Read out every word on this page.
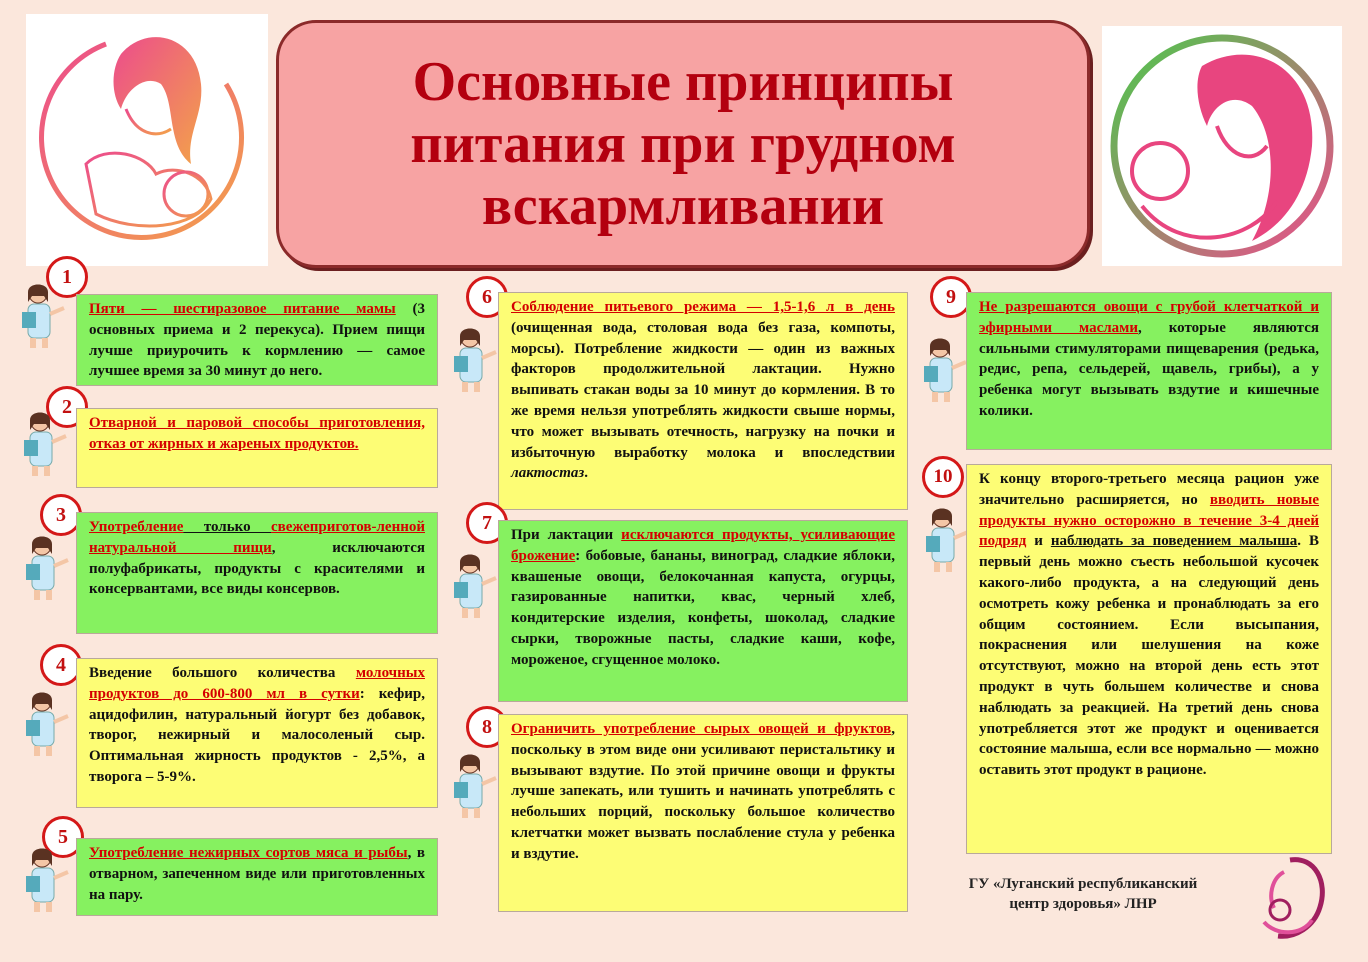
Основные принципы
питания при грудном
вскармливании
1
Пяти — шестиразовое питание мамы (3 основных приема и 2 перекуса). Прием пищи лучше приурочить к кормлению — самое лучшее время за 30 минут до него.
2
Отварной и паровой способы приготовления, отказ от жирных и жареных продуктов.
3
Употребление только свежеприготов-ленной натуральной пищи, исключаются полуфабрикаты, продукты с красителями и консервантами, все виды консервов.
4	Введение большого количества молочных продуктов до 600-800 мл в сутки: кефир, ацидофилин, натуральный йогурт без добавок, творог, нежирный и малосоленый сыр. Оптимальная жирность продуктов - 2,5%, а творога – 5-9%.
5
Употребление нежирных сортов мяса и рыбы, в отварном, запеченном виде или приготовленных на пару.
6	Соблюдение питьевого режима — 1,5-1,6 л в день (очищенная вода, столовая вода без газа, компоты, морсы). Потребление жидкости — один из важных факторов продолжительной лактации. Нужно выпивать стакан воды за 10 минут до кормления. В то же время нельзя употреблять жидкости свыше нормы, что может вызывать отечность, нагрузку на почки и избыточную выработку молока и впоследствии лактостаз.
7
При лактации исключаются продукты, усиливающие брожение: бобовые, бананы, виноград, сладкие яблоки, квашеные овощи, белокочанная капуста, огурцы, газированные напитки, квас, черный хлеб, кондитерские изделия, конфеты, шоколад, сладкие сырки, творожные пасты, сладкие каши, кофе, мороженое, сгущенное молоко.
8	Ограничить употребление сырых овощей и фруктов, поскольку в этом виде они усиливают перистальтику и вызывают вздутие. По этой причине овощи и фрукты лучше запекать, или тушить и начинать употреблять с небольших порций, поскольку большое количество клетчатки может вызвать послабление стула у ребенка и вздутие.
9	Не разрешаются овощи с грубой клетчаткой и эфирными маслами, которые являются сильными стимуляторами пищеварения (редька, редис, репа, сельдерей, щавель, грибы), а у ребенка могут вызывать вздутие и кишечные колики.
10	К концу второго-третьего месяца рацион уже значительно расширяется, но вводить новые продукты нужно осторожно в течение 3-4 дней подряд и наблюдать за поведением малыша. В первый день можно съесть небольшой кусочек какого-либо продукта, а на следующий день осмотреть кожу ребенка и пронаблюдать за его общим состоянием. Если высыпания, покраснения или шелушения на коже отсутствуют, можно на второй день есть этот продукт в чуть большем количестве и снова наблюдать за реакцией. На третий день снова употребляется этот же продукт и оценивается состояние малыша, если все нормально — можно оставить этот продукт в рационе.
ГУ «Луганский республиканский
центр здоровья» ЛНР
